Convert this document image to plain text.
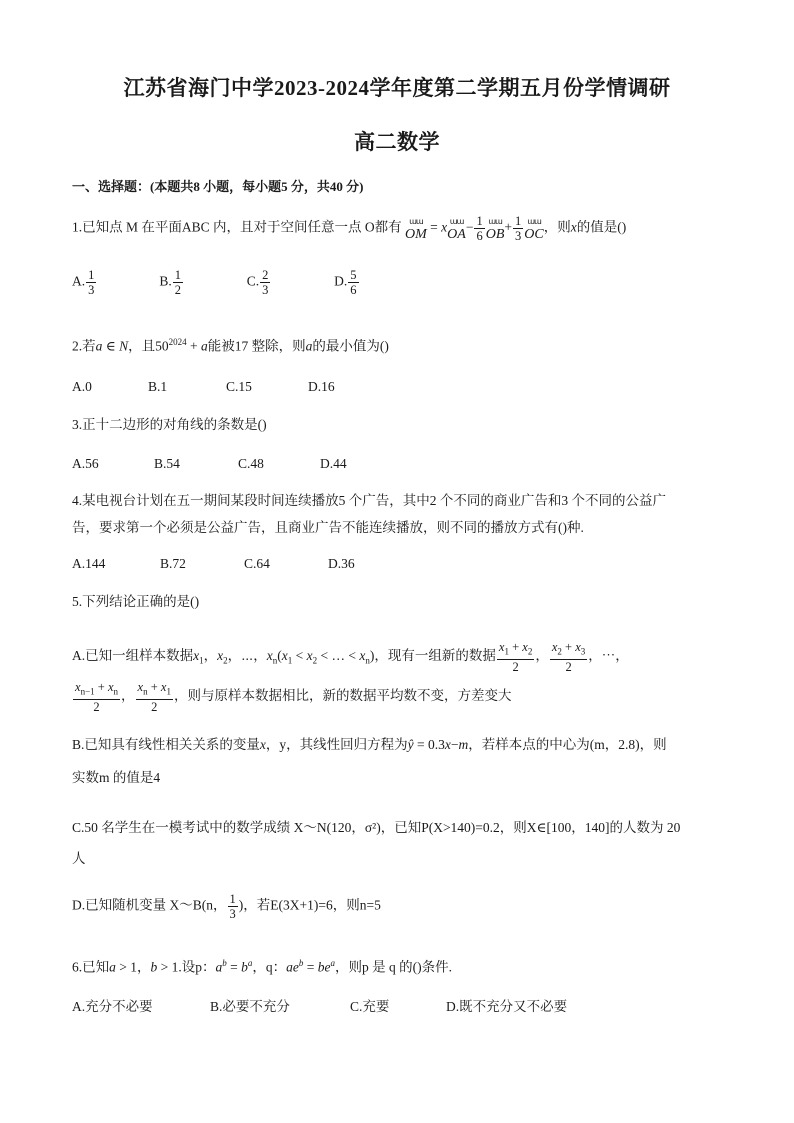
江苏省海门中学2023-2024学年度第二学期五月份学情调研
高二数学
一、选择题：(本题共8 小题，每小题5 分，共40 分)
1.已知点 M 在平面ABC 内，且对于空间任意一点 O都有 ɯɯ
OM = x ɯɯ
OA − $\frac{1}{6}$ ɯɯ
OB + $\frac{1}{3}$ ɯɯ
OC ，则x的值是()
A. $\frac{1}{3}$	B. $\frac{1}{2}$	C. $\frac{2}{3}$	D. $\frac{5}{6}$
2.若a ∈ N，且$50^{2024} + a$能被17 整除，则a的最小值为()
A.0	B.1	C.15	D.16
3.正十二边形的对角线的条数是()
A.56	B.54	C.48	D.44
4.某电视台计划在五一期间某段时间连续播放5 个广告，其中2 个不同的商业广告和3 个不同的公益广
告，要求第一个必须是公益广告，且商业广告不能连续播放，则不同的播放方式有()种.
A.144	B.72	C.64	D.36
5.下列结论正确的是()
A.已知一组样本数据$x_1$，$x_2$，⋯，$x_n(x_1 < x_2$ < … < $x_n$)，现有一组新的数据 $\frac{x_1 + x_2}{2}$ ， $\frac{x_2 + x_3}{2}$ ，⋯，
$\frac{x_{n-1} + x_n}{2}$ ， $\frac{x_n + x_1}{2}$ ，则与原样本数据相比，新的数据平均数不变，方差变大
B.已知具有线性相关关系的变量x，y，其线性回归方程为ŷ = 0.3x−m，若样本点的中心为(m，2.8)，则
实数m 的值是4
C.50 名学生在一模考试中的数学成绩 X～N(120，σ²)，已知P(X>140)=0.2，则X∈[100，140]的人数为 20
人
D.已知随机变量 X～B(n， $\frac{1}{3}$ )，若E(3X+1)=6，则n=5
6.已知a > 1，b > 1.设p：$a^b = b^a$，q：$ae^b = be^a$，则p 是 q 的()条件.
A.充分不必要	B.必要不充分	C.充要	D.既不充分又不必要
